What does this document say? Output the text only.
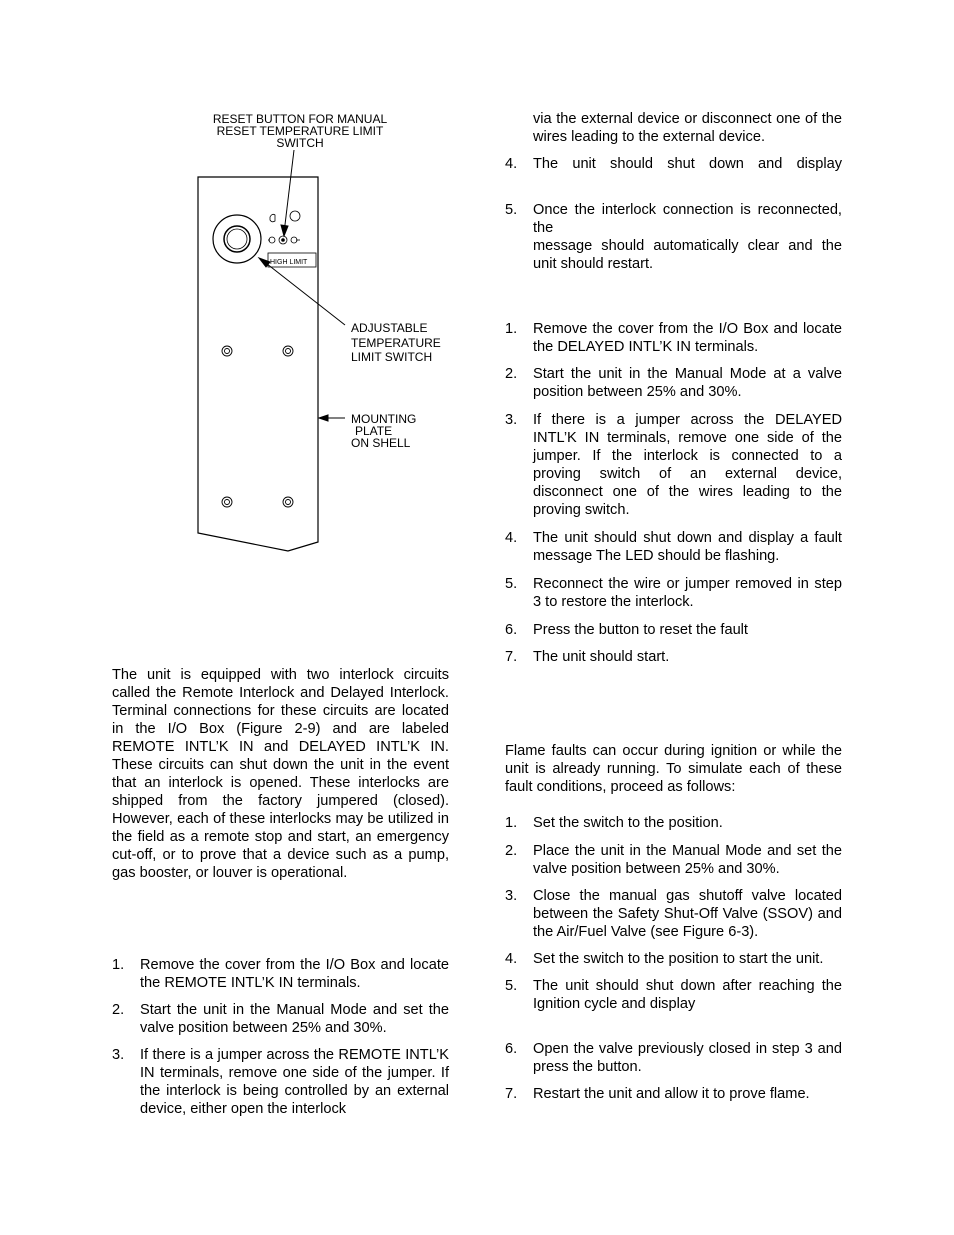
HIGH LIMIT
RESET BUTTON FOR MANUAL
RESET TEMPERATURE LIMIT
SWITCH
ADJUSTABLE
TEMPERATURE
LIMIT SWITCH
MOUNTING
PLATE
ON SHELL

The unit is equipped with two interlock circuits called the Remote Interlock and Delayed Interlock. Terminal connections for these circuits are located in the I/O Box (Figure 2-9) and are labeled REMOTE INTL’K IN and DELAYED INTL’K IN. These circuits can shut down the unit in the event that an interlock is opened. These interlocks are shipped from the factory jumpered (closed). However, each of these interlocks may be utilized in the field as a remote stop and start, an emergency cut-off, or to prove that a device such as a pump, gas booster, or louver is operational.

1. Remove the cover from the I/O Box and locate the REMOTE INTL’K IN terminals.
2. Start the unit in the Manual Mode and set the valve position between 25% and 30%.
3. If there is a jumper across the REMOTE INTL’K IN terminals, remove one side of the jumper. If the interlock is being controlled by an external device, either open the interlock
via the external device or disconnect one of the wires leading to the external device.
4. The unit should shut down and display
5. Once the interlock connection is reconnected, the
message should automatically clear and the unit should restart.
1. Remove the cover from the I/O Box and locate the DELAYED INTL’K IN terminals.
2. Start the unit in the Manual Mode at a valve position between 25% and 30%.
3. If there is a jumper across the DELAYED INTL’K IN terminals, remove one side of the jumper. If the interlock is connected to a proving switch of an external device, disconnect one of the wires leading to the proving switch.
4. The unit should shut down and display a fault message The LED should be flashing.
5. Reconnect the wire or jumper removed in step 3 to restore the interlock.
6. Press the button to reset the fault
7. The unit should start.

Flame faults can occur during ignition or while the unit is already running. To simulate each of these fault conditions, proceed as follows:

1. Set the switch to the position.
2. Place the unit in the Manual Mode and set the valve position between 25% and 30%.
3. Close the manual gas shutoff valve located between the Safety Shut-Off Valve (SSOV) and the Air/Fuel Valve (see Figure 6-3).
4. Set the switch to the position to start the unit.
5. The unit should shut down after reaching the Ignition cycle and display
6. Open the valve previously closed in step 3 and press the button.
7. Restart the unit and allow it to prove flame.
